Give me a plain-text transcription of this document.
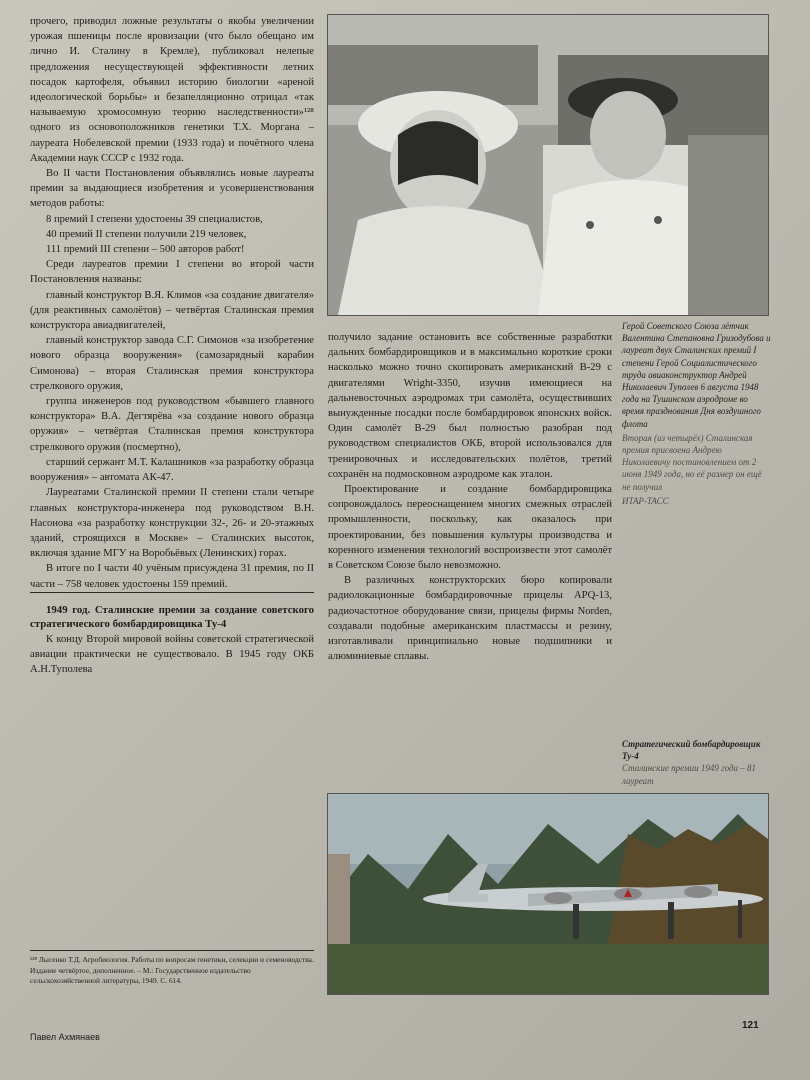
прочего, приводил ложные результаты о якобы увеличении урожая пшеницы после яровизации (что было обещано им лично И. Сталину в Кремле), публиковал нелепые предложения несуществующей эффективности летних посадок картофеля, объявил историю биологии «ареной идеологической борьбы» и безапелляционно отрицал «так называемую хромосомную теорию наследственности»¹²⁸ одного из основоположников генетики Т.Х. Моргана – лауреата Нобелевской премии (1933 года) и почётного члена Академии наук СССР с 1932 года.

Во II части Постановления объявлялись новые лауреаты премии за выдающиеся изобретения и усовершенствования методов работы:

8 премий I степени удостоены 39 специалистов,

40 премий II степени получили 219 человек,

111 премий III степени – 500 авторов работ!

Среди лауреатов премии I степени во второй части Постановления названы:

главный конструктор В.Я. Климов «за создание двигателя» (для реактивных самолётов) – четвёртая Сталинская премия конструктора авиадвигателей,

главный конструктор завода С.Г. Симонов «за изобретение нового образца вооружения» (самозарядный карабин Симонова) – вторая Сталинская премия конструктора стрелкового оружия,

группа инженеров под руководством «бывшего главного конструктора» В.А. Дегтярёва «за создание нового образца оружия» – четвёртая Сталинская премия конструктора стрелкового оружия (посмертно),

старший сержант М.Т. Калашников «за разработку образца вооружения» – автомата АК-47.

Лауреатами Сталинской премии II степени стали четыре главных конструктора-инженера под руководством В.Н. Насонова «за разработку конструкции 32-, 26- и 20-этажных зданий, строящихся в Москве» – Сталинских высоток, включая здание МГУ на Воробьёвых (Ленинских) горах.

В итоге по I части 40 учёным присуждена 31 премия, по II части – 758 человек удостоены 159 премий.

1949 год. Сталинские премии за создание советского стратегического бомбардировщика Ту-4

К концу Второй мировой войны советской стратегической авиации практически не существовало. В 1945 году ОКБ А.Н.Туполева

¹²⁸ Лысенко Т.Д. Агробиология. Работы по вопросам генетики, селекции и семеноводства. Издание четвёртое, дополненное. – М.: Государственное издательство сельскохозяйственной литературы, 1949. С. 614.

получило задание остановить все собственные разработки дальних бомбардировщиков и в максимально короткие сроки насколько можно точно скопировать американский В-29 с двигателями Wright-3350, изучив имеющиеся на дальневосточных аэродромах три самолёта, осуществивших вынужденные посадки после бомбардировок японских войск. Один самолёт В-29 был полностью разобран под руководством специалистов ОКБ, второй использовался для тренировочных и исследовательских полётов, третий сохранён на подмосковном аэродроме как эталон.

Проектирование и создание бомбардировщика сопровождалось переоснащением многих смежных отраслей промышленности, поскольку, как оказалось при проектировании, без повышения культуры производства и коренного изменения технологий воспроизвести этот самолёт в Советском Союзе было невозможно.

В различных конструкторских бюро копировали радиолокационные бомбардировочные прицелы APQ-13, радиочастотное оборудование связи, прицелы фирмы Norden, создавали подобные американским пластмассы и резину, изготавливали принципиально новые подшипники и алюминиевые сплавы.

Герой Советского Союза лётчик Валентина Степановна Гризодубова и лауреат двух Сталинских премий I степени Герой Социалистического труда авиаконструктор Андрей Николаевич Туполев 6 августа 1948 года на Тушинском аэродроме во время празднования Дня воздушного флота
Вторая (из четырёх) Сталинская премия присвоена Андрею Николаевичу постановлением от 2 июня 1949 года, но её размер он ещё не получил
ИТАР-ТАСС
Стратегический бомбардировщик Ту-4
Сталинские премии 1949 года – 81 лауреат
Павел Ахмянаев
121
